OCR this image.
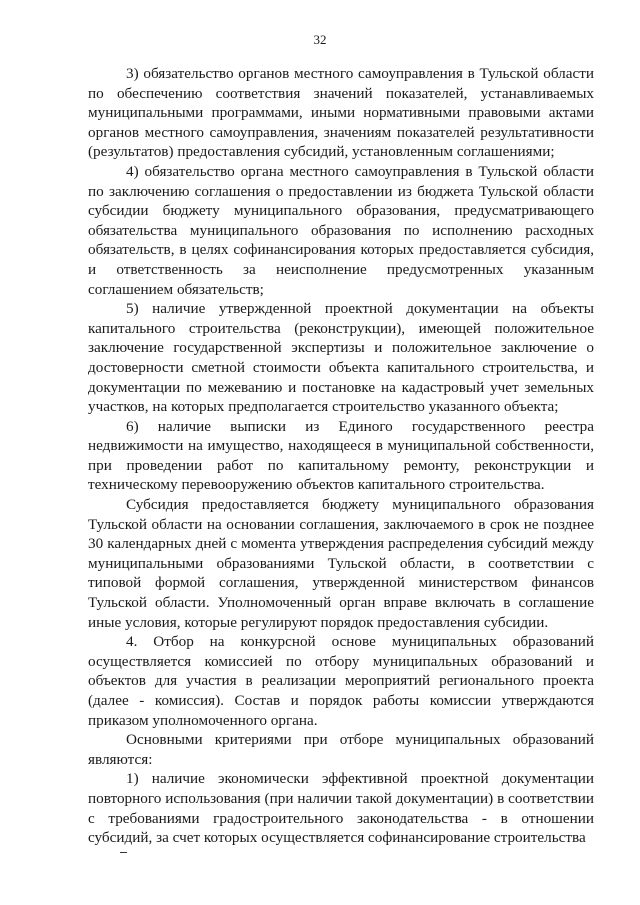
32

3) обязательство органов местного самоуправления в Тульской области по обеспечению соответствия значений показателей, устанавливаемых муниципальными программами, иными нормативными правовыми актами органов местного самоуправления, значениям показателей результативности (результатов) предоставления субсидий, установленным соглашениями;

4) обязательство органа местного самоуправления в Тульской области по заключению соглашения о предоставлении из бюджета Тульской области субсидии бюджету муниципального образования, предусматривающего обязательства муниципального образования по исполнению расходных обязательств, в целях софинансирования которых предоставляется субсидия, и ответственность за неисполнение предусмотренных указанным соглашением обязательств;

5) наличие утвержденной проектной документации на объекты капитального строительства (реконструкции), имеющей положительное заключение государственной экспертизы и положительное заключение о достоверности сметной стоимости объекта капитального строительства, и документации по межеванию и постановке на кадастровый учет земельных участков, на которых предполагается строительство указанного объекта;

6) наличие выписки из Единого государственного реестра недвижимости на имущество, находящееся в муниципальной собственности, при проведении работ по капитальному ремонту, реконструкции и техническому перевооружению объектов капитального строительства.

Субсидия предоставляется бюджету муниципального образования Тульской области на основании соглашения, заключаемого в срок не позднее 30 календарных дней с момента утверждения распределения субсидий между муниципальными образованиями Тульской области, в соответствии с типовой формой соглашения, утвержденной министерством финансов Тульской области. Уполномоченный орган вправе включать в соглашение иные условия, которые регулируют порядок предоставления субсидии.

4. Отбор на конкурсной основе муниципальных образований осуществляется комиссией по отбору муниципальных образований и объектов для участия в реализации мероприятий регионального проекта (далее - комиссия). Состав и порядок работы комиссии утверждаются приказом уполномоченного органа.

Основными критериями при отборе муниципальных образований являются:

1) наличие экономически эффективной проектной документации повторного использования (при наличии такой документации) в соответствии с требованиями градостроительного законодательства - в отношении субсидий, за счет которых осуществляется софинансирование строительства
